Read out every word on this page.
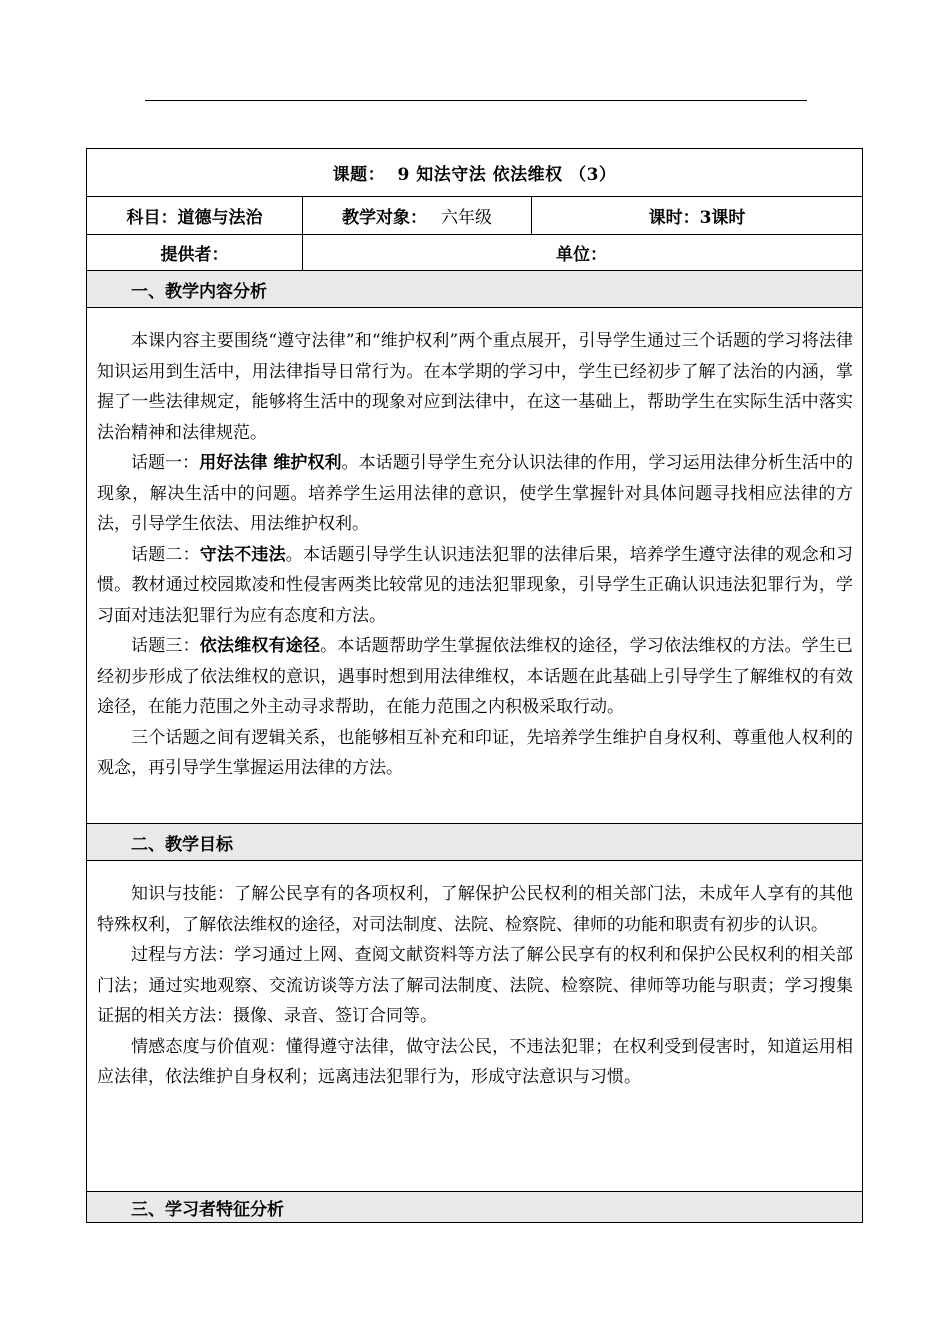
课题： 9 知法守法 依法维权 （3）		
科目：道德与法治	教学对象： 六年级	课时：3课时
提供者：	单位：	
一、教学内容分析		

本课内容主要围绕“遵守法律”和“维护权利”两个重点展开，引导学生通过三个话题的学习将法律知识运用到生活中，用法律指导日常行为。在本学期的学习中，学生已经初步了解了法治的内涵，掌握了一些法律规定，能够将生活中的现象对应到法律中，在这一基础上，帮助学生在实际生活中落实法治精神和法律规范。

话题一：用好法律 维护权利。本话题引导学生充分认识法律的作用，学习运用法律分析生活中的现象，解决生活中的问题。培养学生运用法律的意识，使学生掌握针对具体问题寻找相应法律的方法，引导学生依法、用法维护权利。

话题二：守法不违法。本话题引导学生认识违法犯罪的法律后果，培养学生遵守法律的观念和习惯。教材通过校园欺凌和性侵害两类比较常见的违法犯罪现象，引导学生正确认识违法犯罪行为，学习面对违法犯罪行为应有态度和方法。

话题三：依法维权有途径。本话题帮助学生掌握依法维权的途径，学习依法维权的方法。学生已经初步形成了依法维权的意识，遇事时想到用法律维权，本话题在此基础上引导学生了解维权的有效途径，在能力范围之外主动寻求帮助，在能力范围之内积极采取行动。

三个话题之间有逻辑关系，也能够相互补充和印证，先培养学生维护自身权利、尊重他人权利的观念，再引导学生掌握运用法律的方法。		

二、教学目标		

知识与技能：了解公民享有的各项权利，了解保护公民权利的相关部门法，未成年人享有的其他特殊权利，了解依法维权的途径，对司法制度、法院、检察院、律师的功能和职责有初步的认识。

过程与方法：学习通过上网、查阅文献资料等方法了解公民享有的权利和保护公民权利的相关部门法；通过实地观察、交流访谈等方法了解司法制度、法院、检察院、律师等功能与职责；学习搜集证据的相关方法：摄像、录音、签订合同等。

情感态度与价值观：懂得遵守法律，做守法公民，不违法犯罪；在权利受到侵害时，知道运用相应法律，依法维护自身权利；远离违法犯罪行为，形成守法意识与习惯。		

三、学习者特征分析		
